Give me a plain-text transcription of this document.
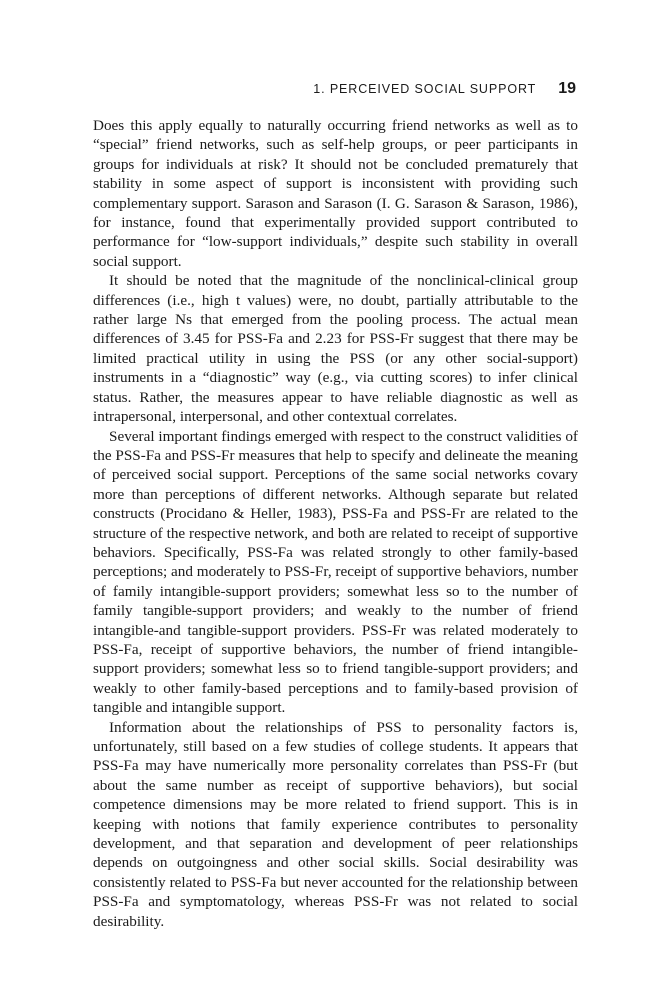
1. PERCEIVED SOCIAL SUPPORT 19

Does this apply equally to naturally occurring friend networks as well as to “special” friend networks, such as self-help groups, or peer participants in groups for individuals at risk? It should not be concluded prematurely that stability in some aspect of support is inconsistent with providing such complementary support. Sarason and Sarason (I. G. Sarason & Sarason, 1986), for instance, found that experimentally provided support contributed to performance for “low-support individuals,” despite such stability in overall social support.

It should be noted that the magnitude of the nonclinical-clinical group differences (i.e., high t values) were, no doubt, partially attributable to the rather large Ns that emerged from the pooling process. The actual mean differences of 3.45 for PSS-Fa and 2.23 for PSS-Fr suggest that there may be limited practical utility in using the PSS (or any other social-support) instruments in a “diagnostic” way (e.g., via cutting scores) to infer clinical status. Rather, the measures appear to have reliable diagnostic as well as intrapersonal, interpersonal, and other contextual correlates.

Several important findings emerged with respect to the construct validities of the PSS-Fa and PSS-Fr measures that help to specify and delineate the meaning of perceived social support. Perceptions of the same social networks covary more than perceptions of different networks. Although separate but related constructs (Procidano & Heller, 1983), PSS-Fa and PSS-Fr are related to the structure of the respective network, and both are related to receipt of supportive behaviors. Specifically, PSS-Fa was related strongly to other family-based perceptions; and moderately to PSS-Fr, receipt of supportive behaviors, number of family intangible-support providers; somewhat less so to the number of family tangible-support providers; and weakly to the number of friend intangible-and tangible-support providers. PSS-Fr was related moderately to PSS-Fa, receipt of supportive behaviors, the number of friend intangible-support providers; somewhat less so to friend tangible-support providers; and weakly to other family-based perceptions and to family-based provision of tangible and intangible support.

Information about the relationships of PSS to personality factors is, unfortunately, still based on a few studies of college students. It appears that PSS-Fa may have numerically more personality correlates than PSS-Fr (but about the same number as receipt of supportive behaviors), but social competence dimensions may be more related to friend support. This is in keeping with notions that family experience contributes to personality development, and that separation and development of peer relationships depends on outgoingness and other social skills. Social desirability was consistently related to PSS-Fa but never accounted for the relationship between PSS-Fa and symptomatology, whereas PSS-Fr was not related to social desirability.
